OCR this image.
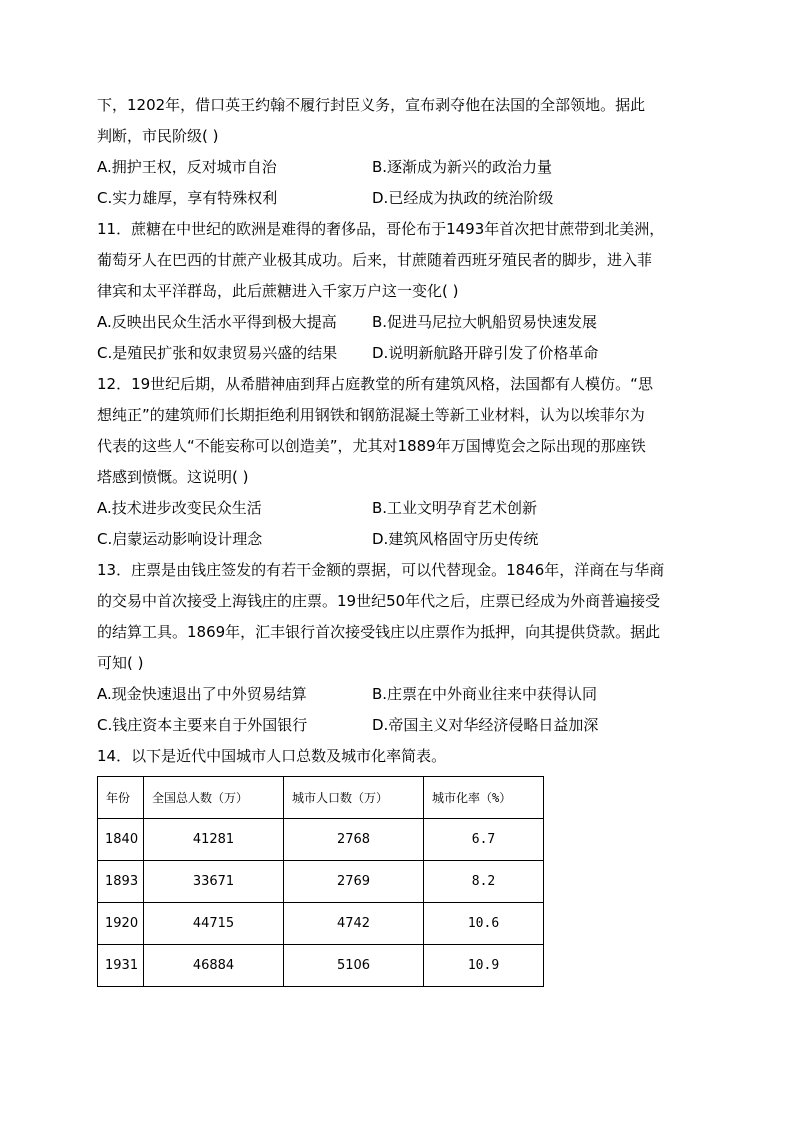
下，1202年，借口英王约翰不履行封臣义务，宣布剥夺他在法国的全部领地。据此
判断，市民阶级( )
A.拥护王权，反对城市自治	B.逐渐成为新兴的政治力量
C.实力雄厚，享有特殊权利	D.已经成为执政的统治阶级
11．蔗糖在中世纪的欧洲是难得的奢侈品，哥伦布于1493年首次把甘蔗带到北美洲，
葡萄牙人在巴西的甘蔗产业极其成功。后来，甘蔗随着西班牙殖民者的脚步，进入菲
律宾和太平洋群岛，此后蔗糖进入千家万户这一变化( )
A.反映出民众生活水平得到极大提高	B.促进马尼拉大帆船贸易快速发展
C.是殖民扩张和奴隶贸易兴盛的结果	D.说明新航路开辟引发了价格革命
12．19世纪后期，从希腊神庙到拜占庭教堂的所有建筑风格，法国都有人模仿。“思
想纯正”的建筑师们长期拒绝利用钢铁和钢筋混凝土等新工业材料，认为以埃菲尔为
代表的这些人“不能妄称可以创造美”，尤其对1889年万国博览会之际出现的那座铁
塔感到愤慨。这说明( )
A.技术进步改变民众生活	B.工业文明孕育艺术创新
C.启蒙运动影响设计理念	D.建筑风格固守历史传统
13．庄票是由钱庄签发的有若干金额的票据，可以代替现金。1846年，洋商在与华商
的交易中首次接受上海钱庄的庄票。19世纪50年代之后，庄票已经成为外商普遍接受
的结算工具。1869年，汇丰银行首次接受钱庄以庄票作为抵押，向其提供贷款。据此
可知( )
A.现金快速退出了中外贸易结算	B.庄票在中外商业往来中获得认同
C.钱庄资本主要来自于外国银行	D.帝国主义对华经济侵略日益加深
14．以下是近代中国城市人口总数及城市化率简表。
年份	全国总人数（万）	城市人口数（万）	城市化率（%）
1840	41281	2768	6.7
1893	33671	2769	8.2
1920	44715	4742	10.6
1931	46884	5106	10.9
